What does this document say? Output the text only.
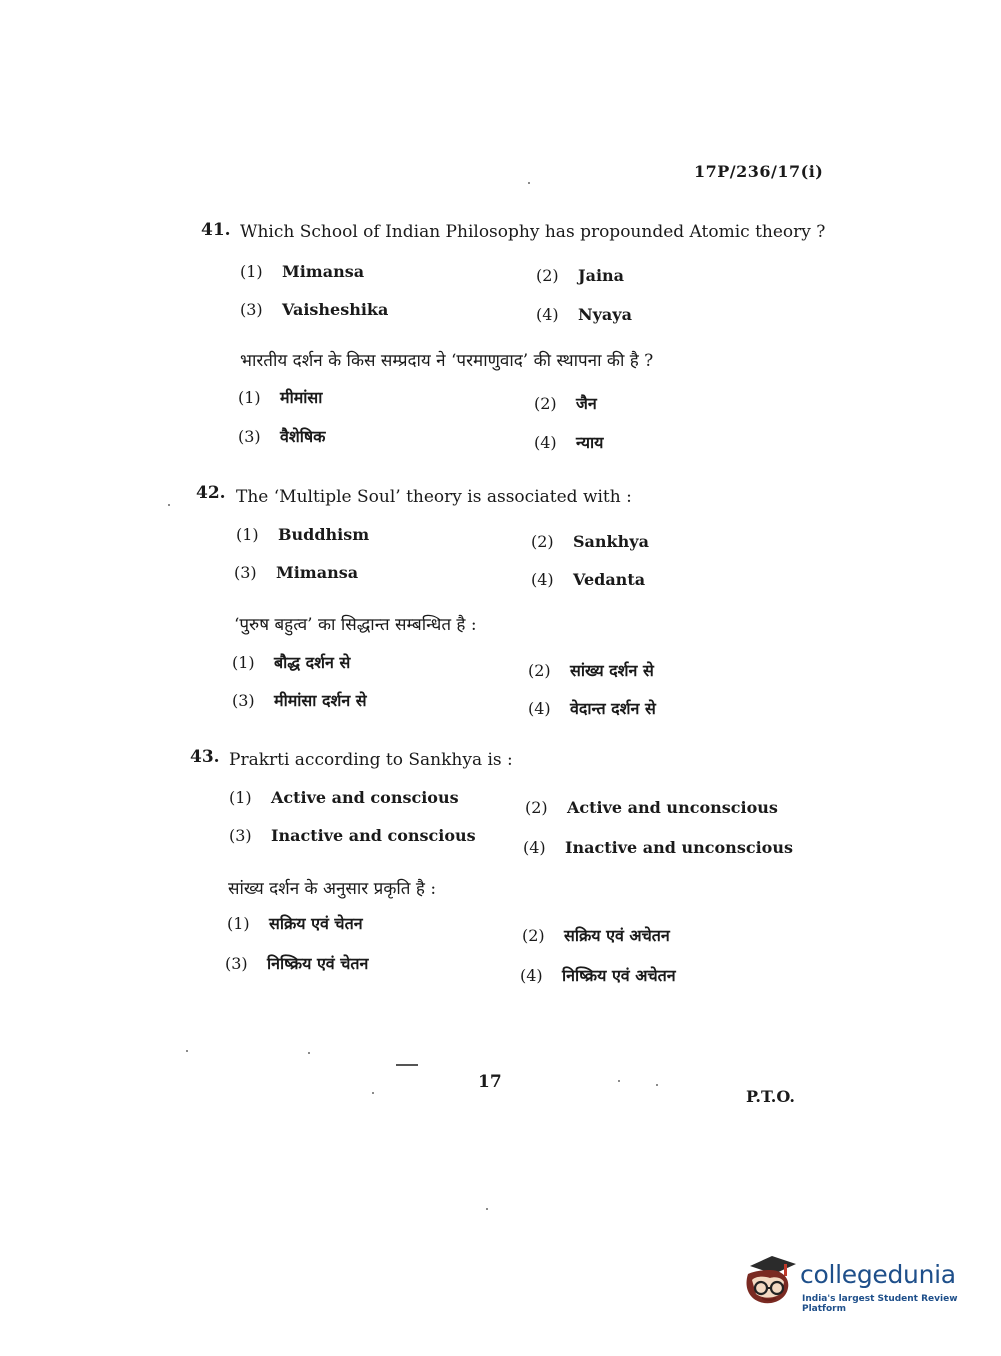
17P/236/17(i)
41. Which School of Indian Philosophy has propounded Atomic theory ?
(1) Mimansa	(2) Jaina
(3) Vaisheshika	(4) Nyaya
भारतीय दर्शन के किस सम्प्रदाय ने ‘परमाणुवाद’ की स्थापना की है ?
(1) मीमांसा	(2) जैन
(3) वैशेषिक	(4) न्याय
42. The ‘Multiple Soul’ theory is associated with :
(1) Buddhism	(2) Sankhya
(3) Mimansa	(4) Vedanta
‘पुरुष बहुत्व’ का सिद्धान्त सम्बन्धित है :
(1) बौद्ध दर्शन से	(2) सांख्य दर्शन से
(3) मीमांसा दर्शन से	(4) वेदान्त दर्शन से
43. Prakrti according to Sankhya is :
(1) Active and conscious
(2) Active and unconscious
(3) Inactive and conscious
(4) Inactive and unconscious
सांख्य दर्शन के अनुसार प्रकृति है :
(1) सक्रिय एवं चेतन
(2) सक्रिय एवं अचेतन
(3) निष्क्रिय एवं चेतन
(4) निष्क्रिय एवं अचेतन
17
P.T.O.
collegedunia
India's largest Student Review Platform
